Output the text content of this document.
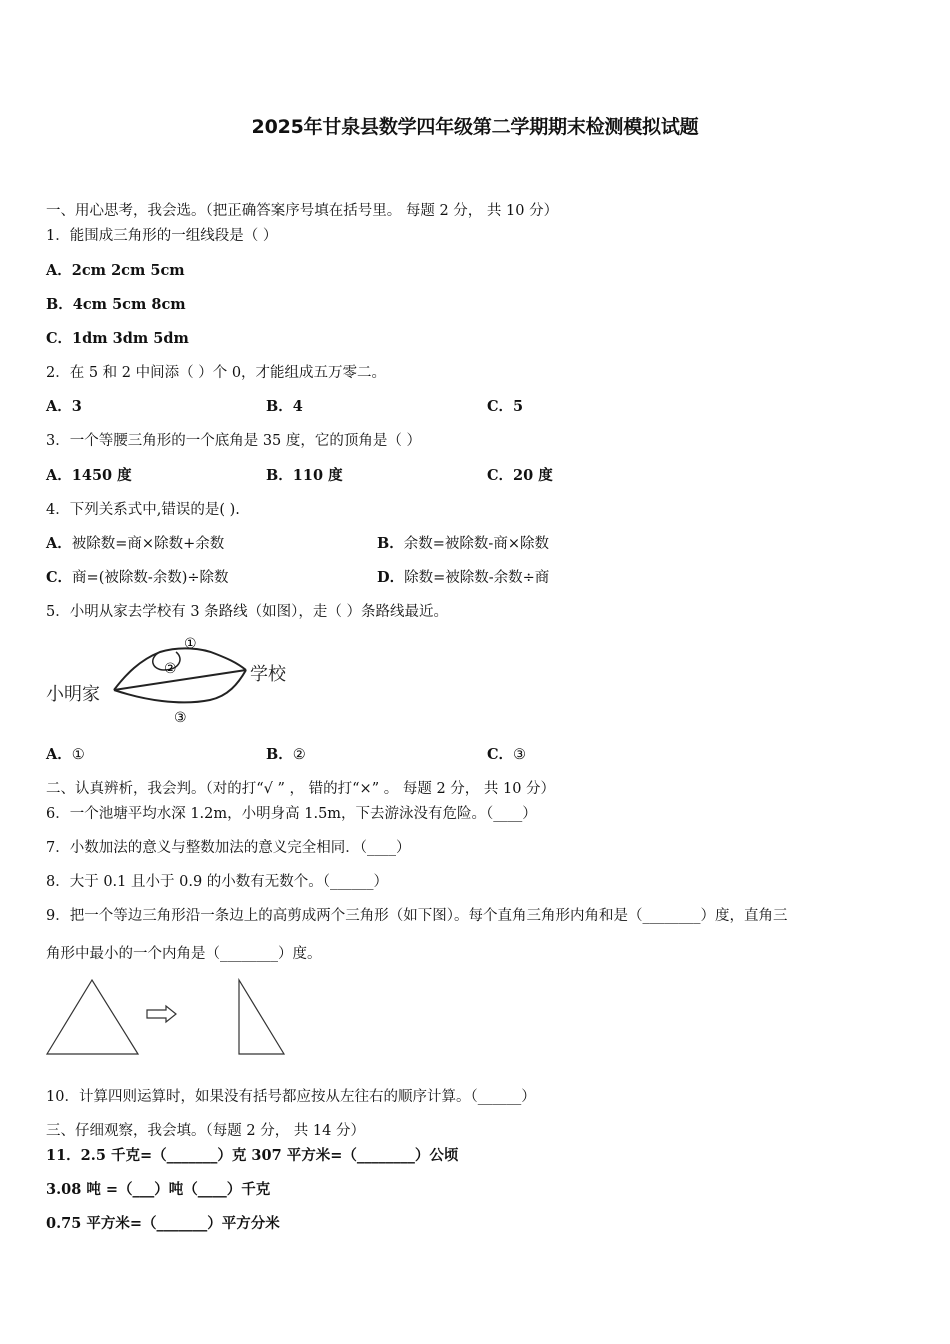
2025年甘泉县数学四年级第二学期期末检测模拟试题
一、用心思考，我会选。（把正确答案序号填在括号里。 每题 2 分， 共 10 分）
1．能围成三角形的一组线段是（ ）
A．2cm 2cm 5cm
B．4cm 5cm 8cm
C．1dm 3dm 5dm
2．在 5 和 2 中间添（ ）个 0，才能组成五万零二。
A．3	B．4	C．5
3．一个等腰三角形的一个底角是 35 度，它的顶角是（ ）
A．1450 度	B．110 度	C．20 度
4．下列关系式中,错误的是( ).
A．被除数=商×除数+余数	B．余数=被除数-商×除数
C．商=(被除数-余数)÷除数	D．除数=被除数-余数÷商
5．小明从家去学校有 3 条路线（如图），走（ ）条路线最近。
小明家
学校
①
②
③
A．①	B．②	C．③
二、认真辨析，我会判。（对的打“√ ” ， 错的打“×” 。 每题 2 分， 共 10 分）
6．一个池塘平均水深 1.2m，小明身高 1.5m，下去游泳没有危险。（____）
7．小数加法的意义与整数加法的意义完全相同．（____）
8．大于 0.1 且小于 0.9 的小数有无数个。（______）
9．把一个等边三角形沿一条边上的高剪成两个三角形（如下图）。每个直角三角形内角和是（________）度，直角三
角形中最小的一个内角是（________）度。
10．计算四则运算时，如果没有括号都应按从左往右的顺序计算。（______）
三、仔细观察，我会填。（每题 2 分， 共 14 分）
11．2.5 千克=（_______）克 307 平方米=（________）公顷
3.08 吨 =（___）吨（____）千克
0.75 平方米=（_______）平方分米
